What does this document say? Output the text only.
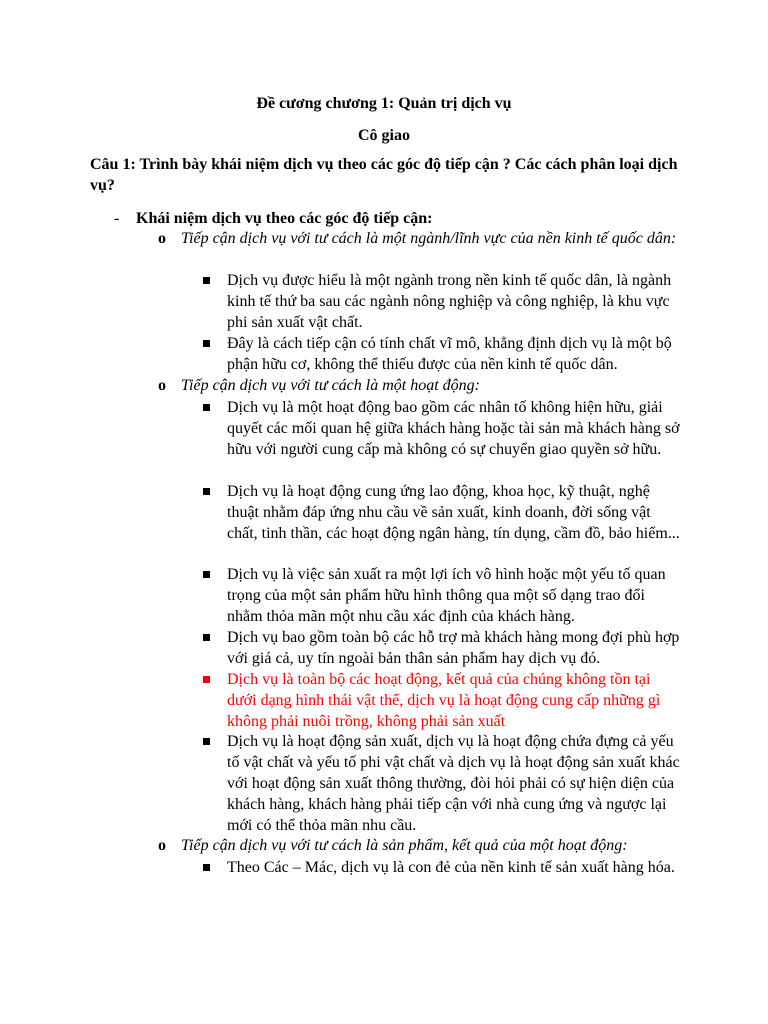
Đề cương chương 1: Quản trị dịch vụ
Cô giao
Câu 1: Trình bày khái niệm dịch vụ theo các góc độ tiếp cận ? Các cách phân loại dịch vụ?
- Khái niệm dịch vụ theo các góc độ tiếp cận:
o Tiếp cận dịch vụ với tư cách là một ngành/lĩnh vực của nền kinh tế quốc dân:
Dịch vụ được hiểu là một ngành trong nền kinh tế quốc dân, là ngành kinh tế thứ ba sau các ngành nông nghiệp và công nghiệp, là khu vực phi sản xuất vật chất.
Đây là cách tiếp cận có tính chất vĩ mô, khẳng định dịch vụ là một bộ phận hữu cơ, không thể thiếu được của nền kinh tế quốc dân.
o Tiếp cận dịch vụ với tư cách là một hoạt động:
Dịch vụ là một hoạt động bao gồm các nhân tố không hiện hữu, giải quyết các mối quan hệ giữa khách hàng hoặc tài sản mà khách hàng sở hữu với người cung cấp mà không có sự chuyển giao quyền sở hữu.
Dịch vụ là hoạt động cung ứng lao động, khoa học, kỹ thuật, nghệ thuật nhằm đáp ứng nhu cầu về sản xuất, kinh doanh, đời sống vật chất, tinh thần, các hoạt động ngân hàng, tín dụng, cầm đồ, bảo hiểm...
Dịch vụ là việc sản xuất ra một lợi ích vô hình hoặc một yếu tố quan trọng của một sản phẩm hữu hình thông qua một số dạng trao đổi nhằm thỏa mãn một nhu cầu xác định của khách hàng.
Dịch vụ bao gồm toàn bộ các hỗ trợ mà khách hàng mong đợi phù hợp với giá cả, uy tín ngoài bản thân sản phẩm hay dịch vụ đó.
Dịch vụ là toàn bộ các hoạt động, kết quả của chúng không tồn tại dưới dạng hình thái vật thể, dịch vụ là hoạt động cung cấp những gì không phải nuôi trồng, không phải sản xuất
Dịch vụ là hoạt động sản xuất, dịch vụ là hoạt động chứa đựng cả yếu tố vật chất và yếu tố phi vật chất và dịch vụ là hoạt động sản xuất khác với hoạt động sản xuất thông thường, đòi hỏi phải có sự hiện diện của khách hàng, khách hàng phải tiếp cận với nhà cung ứng và ngược lại mới có thể thỏa mãn nhu cầu.
o Tiếp cận dịch vụ với tư cách là sản phẩm, kết quả của một hoạt động:
Theo Các – Mác, dịch vụ là con đẻ của nền kinh tế sản xuất hàng hóa.
